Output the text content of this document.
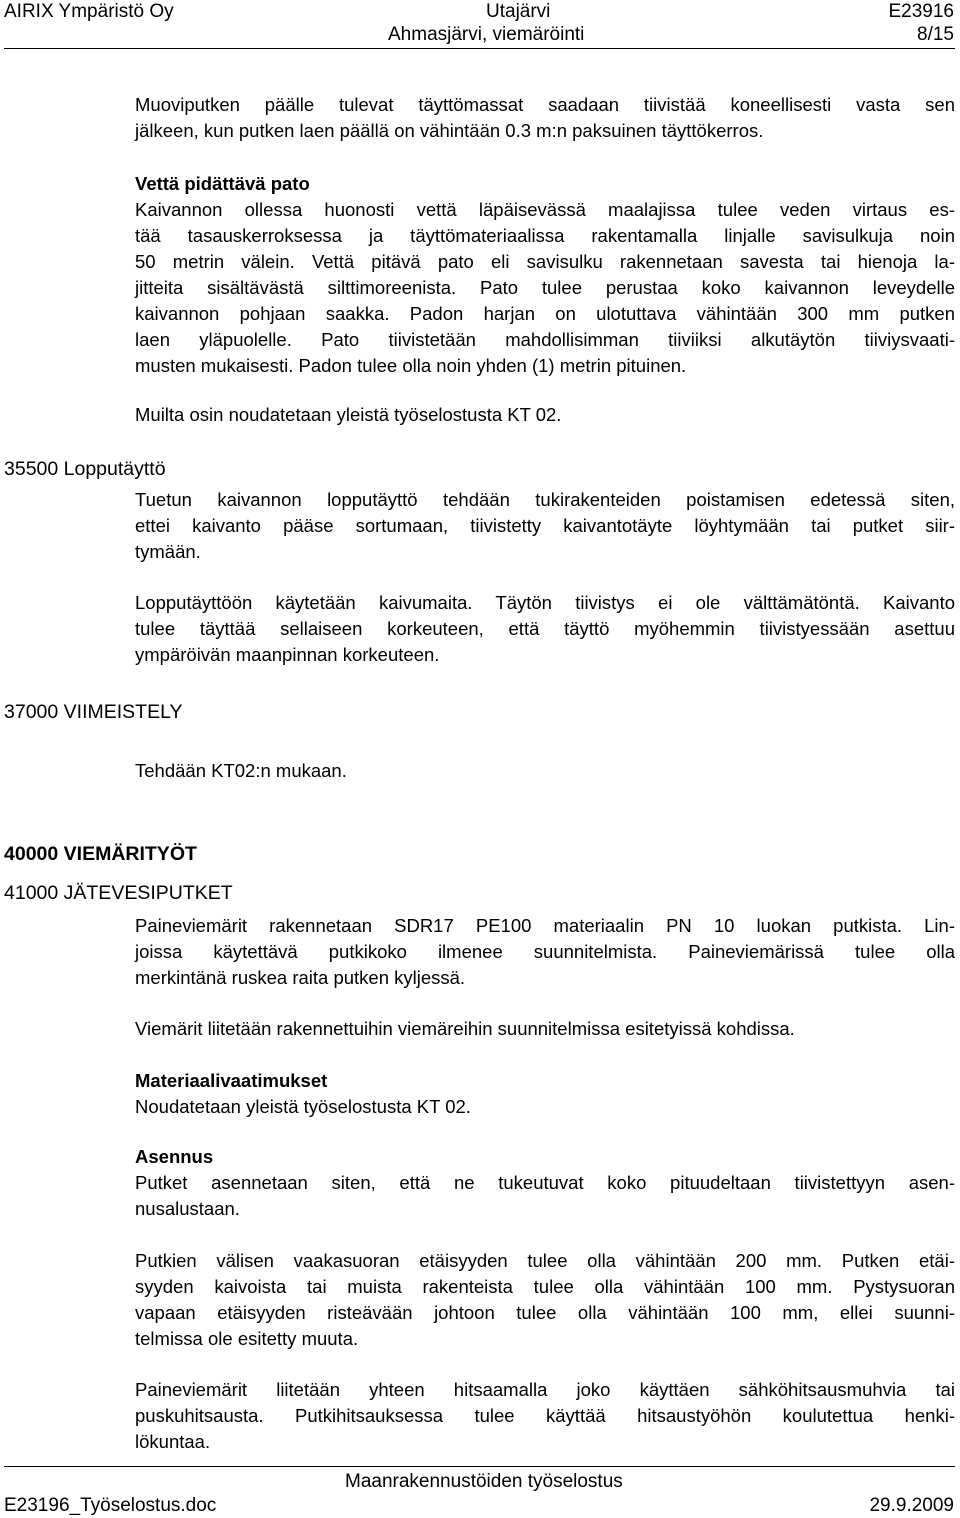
AIRIX Ympäristö Oy	Utajärvi	E23916
Ahmasjärvi, viemäröinti	8/15
Muoviputken päälle tulevat täyttömassat saadaan tiivistää koneellisesti vasta sen
jälkeen, kun putken laen päällä on vähintään 0.3 m:n paksuinen täyttökerros.
Vettä pidättävä pato
Kaivannon ollessa huonosti vettä läpäisevässä maalajissa tulee veden virtaus es-
tää tasauskerroksessa ja täyttömateriaalissa rakentamalla linjalle savisulkuja noin
50 metrin välein. Vettä pitävä pato eli savisulku rakennetaan savesta tai hienoja la-
jitteita sisältävästä silttimoreenista. Pato tulee perustaa koko kaivannon leveydelle
kaivannon pohjaan saakka. Padon harjan on ulotuttava vähintään 300 mm putken
laen yläpuolelle. Pato tiivistetään mahdollisimman tiiviiksi alkutäytön tiiviysvaati-
musten mukaisesti. Padon tulee olla noin yhden (1) metrin pituinen.
Muilta osin noudatetaan yleistä työselostusta KT 02.
35500 Lopputäyttö
Tuetun kaivannon lopputäyttö tehdään tukirakenteiden poistamisen edetessä siten,
ettei kaivanto pääse sortumaan, tiivistetty kaivantotäyte löyhtymään tai putket siir-
tymään.
Lopputäyttöön käytetään kaivumaita. Täytön tiivistys ei ole välttämätöntä. Kaivanto
tulee täyttää sellaiseen korkeuteen, että täyttö myöhemmin tiivistyessään asettuu
ympäröivän maanpinnan korkeuteen.
37000 VIIMEISTELY
Tehdään KT02:n mukaan.
40000 VIEMÄRITYÖT
41000 JÄTEVESIPUTKET
Paineviemärit rakennetaan SDR17 PE100 materiaalin PN 10 luokan putkista. Lin-
joissa käytettävä putkikoko ilmenee suunnitelmista. Paineviemärissä tulee olla
merkintänä ruskea raita putken kyljessä.
Viemärit liitetään rakennettuihin viemäreihin suunnitelmissa esitetyissä kohdissa.
Materiaalivaatimukset
Noudatetaan yleistä työselostusta KT 02.
Asennus
Putket asennetaan siten, että ne tukeutuvat koko pituudeltaan tiivistettyyn asen-
nusalustaan.
Putkien välisen vaakasuoran etäisyyden tulee olla vähintään 200 mm. Putken etäi-
syyden kaivoista tai muista rakenteista tulee olla vähintään 100 mm. Pystysuoran
vapaan etäisyyden risteävään johtoon tulee olla vähintään 100 mm, ellei suunni-
telmissa ole esitetty muuta.
Paineviemärit liitetään yhteen hitsaamalla joko käyttäen sähköhitsausmuhvia tai
puskuhitsausta. Putkihitsauksessa tulee käyttää hitsaustyöhön koulutettua henki-
lökuntaa.
Maanrakennustöiden työselostus
E23196_Työselostus.doc	29.9.2009
